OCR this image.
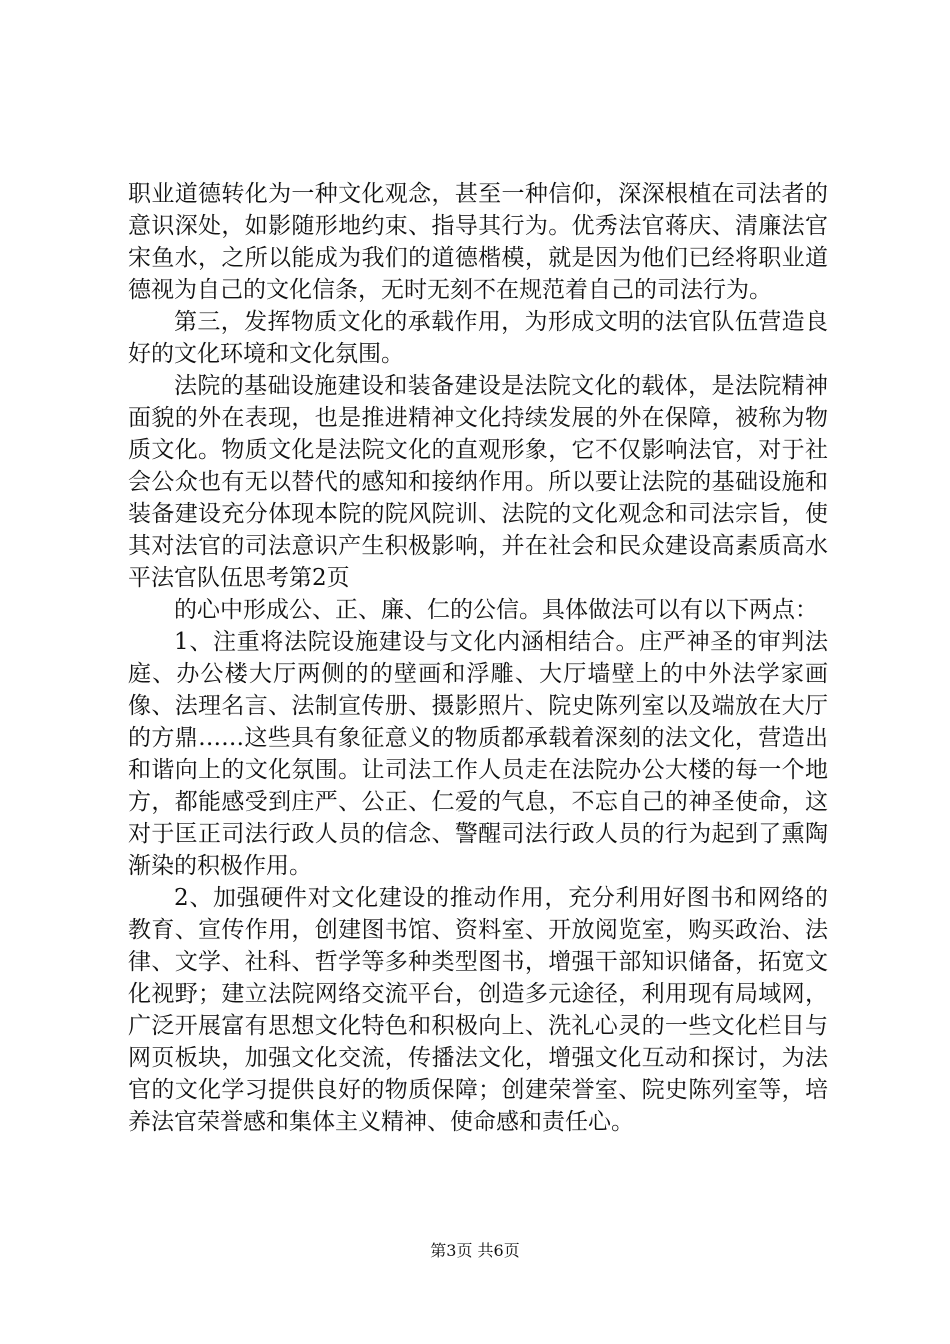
职业道德转化为一种文化观念，甚至一种信仰，深深根植在司法者的意识深处，如影随形地约束、指导其行为。优秀法官蒋庆、清廉法官宋鱼水，之所以能成为我们的道德楷模，就是因为他们已经将职业道德视为自己的文化信条，无时无刻不在规范着自己的司法行为。

第三，发挥物质文化的承载作用，为形成文明的法官队伍营造良好的文化环境和文化氛围。

法院的基础设施建设和装备建设是法院文化的载体，是法院精神面貌的外在表现，也是推进精神文化持续发展的外在保障，被称为物质文化。物质文化是法院文化的直观形象，它不仅影响法官，对于社会公众也有无以替代的感知和接纳作用。所以要让法院的基础设施和装备建设充分体现本院的院风院训、法院的文化观念和司法宗旨，使其对法官的司法意识产生积极影响，并在社会和民众建设高素质高水平法官队伍思考第2页

的心中形成公、正、廉、仁的公信。具体做法可以有以下两点：

1、注重将法院设施建设与文化内涵相结合。庄严神圣的审判法庭、办公楼大厅两侧的的壁画和浮雕、大厅墙壁上的中外法学家画像、法理名言、法制宣传册、摄影照片、院史陈列室以及端放在大厅的方鼎……这些具有象征意义的物质都承载着深刻的法文化，营造出和谐向上的文化氛围。让司法工作人员走在法院办公大楼的每一个地方，都能感受到庄严、公正、仁爱的气息，不忘自己的神圣使命，这对于匡正司法行政人员的信念、警醒司法行政人员的行为起到了熏陶渐染的积极作用。

2、加强硬件对文化建设的推动作用，充分利用好图书和网络的教育、宣传作用，创建图书馆、资料室、开放阅览室，购买政治、法律、文学、社科、哲学等多种类型图书，增强干部知识储备，拓宽文化视野；建立法院网络交流平台，创造多元途径，利用现有局域网，广泛开展富有思想文化特色和积极向上、洗礼心灵的一些文化栏目与网页板块，加强文化交流，传播法文化，增强文化互动和探讨，为法官的文化学习提供良好的物质保障；创建荣誉室、院史陈列室等，培养法官荣誉感和集体主义精神、使命感和责任心。

第3页 共6页
